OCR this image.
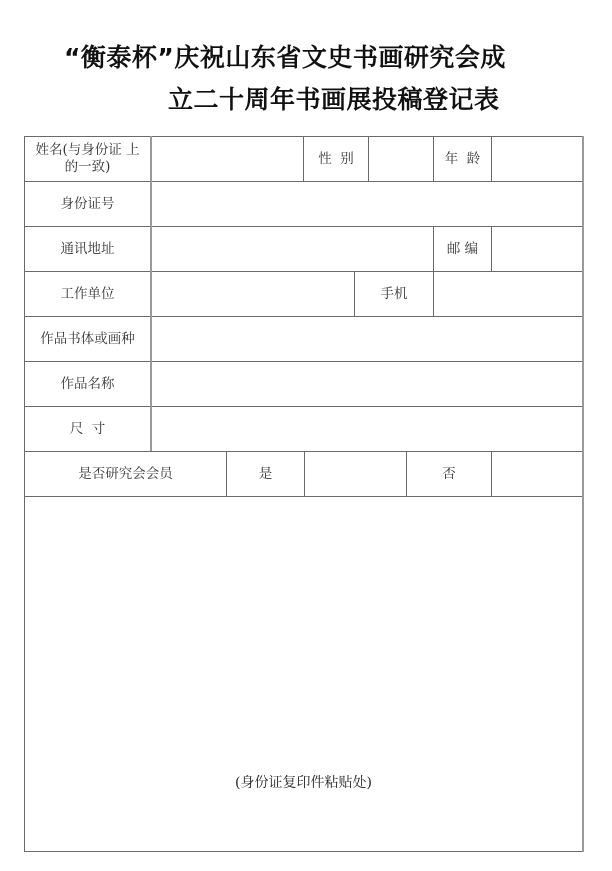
“衡泰杯”庆祝山东省文史书画研究会成
立二十周年书画展投稿登记表
姓名(与身份证 上
的一致)
性  别	年  龄
身份证号
通讯地址	邮 编
工作单位	手机
作品书体或画种
作品名称
尺  寸
是否研究会会员	是	否
(身份证复印件粘贴处)
